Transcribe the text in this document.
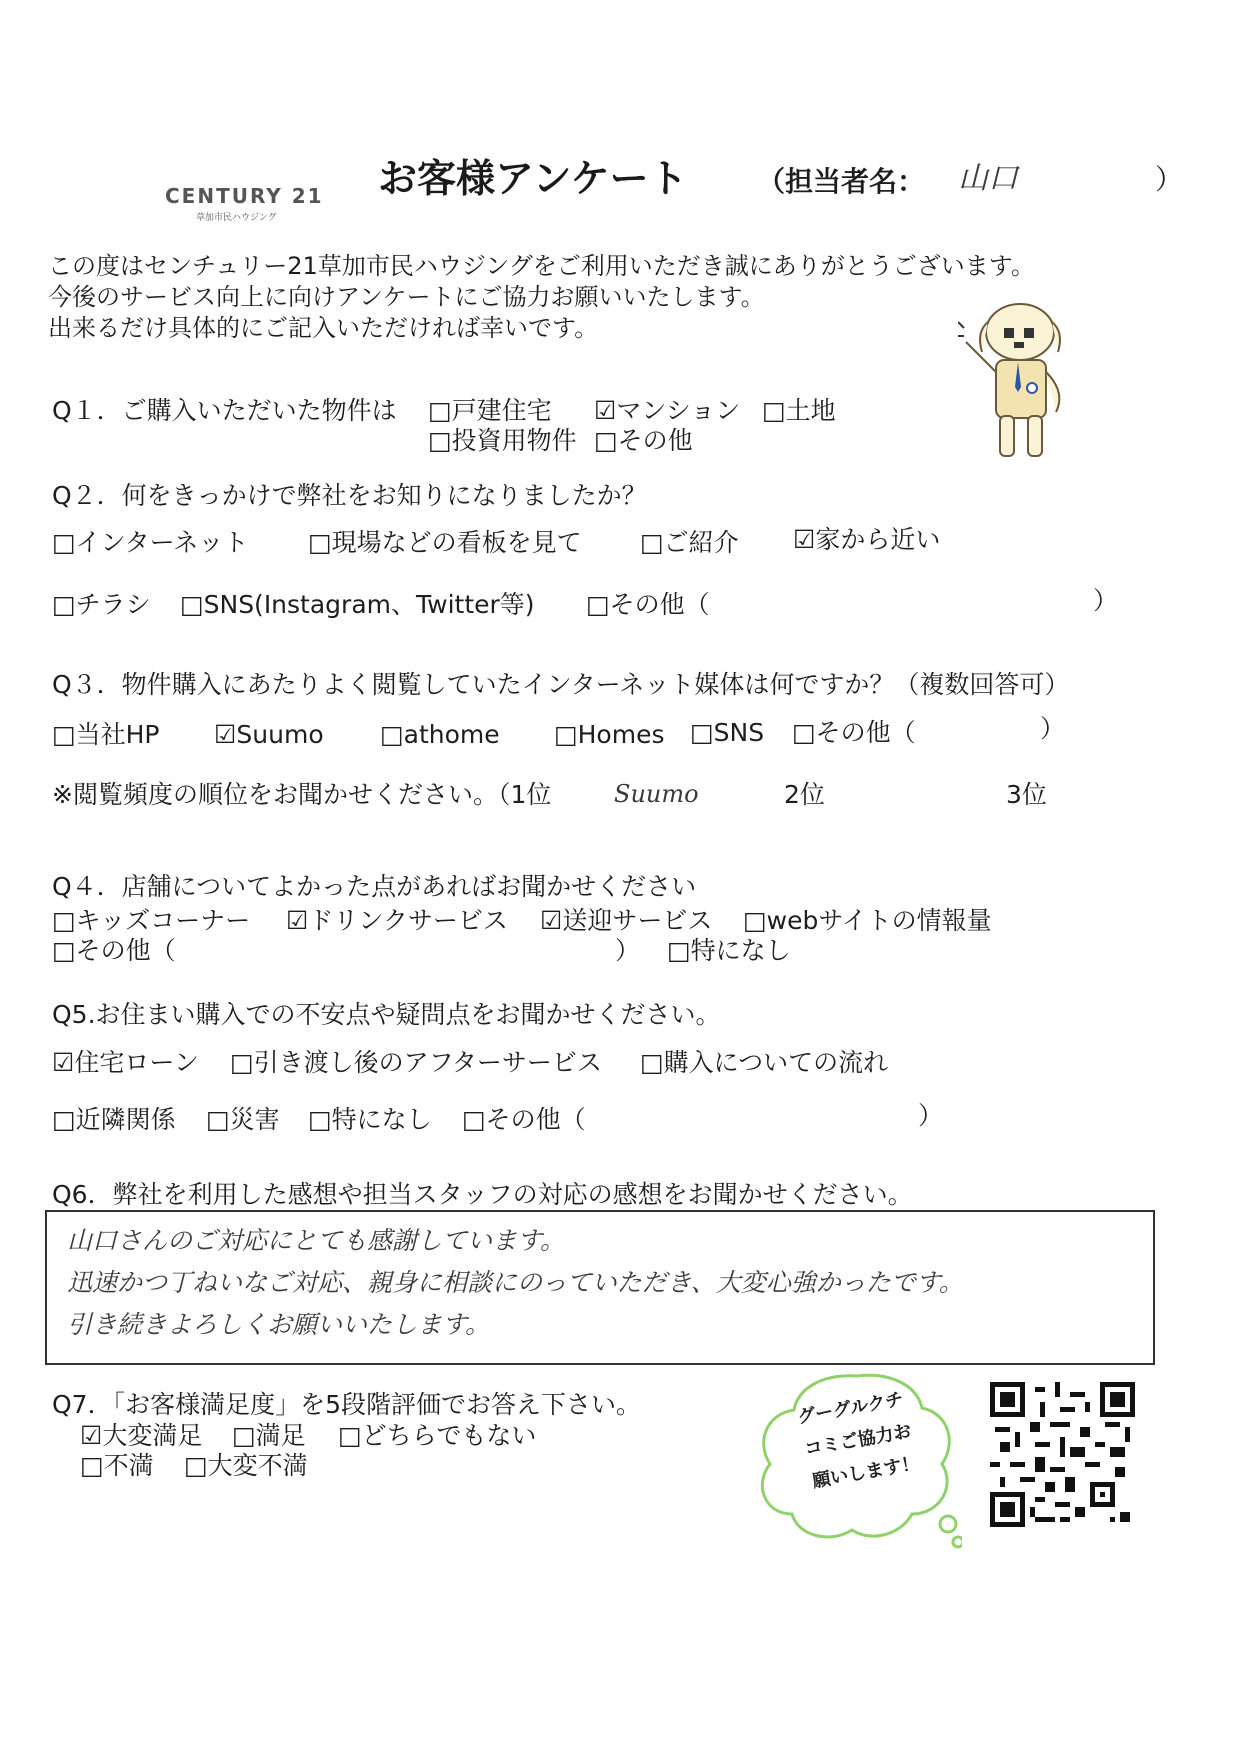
CENTURY 21
草加市民ハウジング
お客様アンケート （担当者名： 山口	）
この度はセンチュリー21草加市民ハウジングをご利用いただき誠にありがとうございます。
今後のサービス向上に向けアンケートにご協力お願いいたします。
出来るだけ具体的にご記入いただければ幸いです。
Q１．ご購入いただいた物件は □戸建住宅 ☑マンション □土地
□投資用物件 □その他
Q２．何をきっかけで弊社をお知りになりましたか？
□インターネット □現場などの看板を見て □ご紹介 ☑家から近い
□チラシ □SNS(Instagram、Twitter等) □その他（	）
Q３．物件購入にあたりよく閲覧していたインターネット媒体は何ですか？（複数回答可）
□当社HP ☑Suumo □athome □Homes □SNS □その他（	）
※閲覧頻度の順位をお聞かせください。（1位	Suumo	2位	3位
Q４．店舗についてよかった点があればお聞かせください
□キッズコーナー ☑ドリンクサービス ☑送迎サービス □webサイトの情報量
□その他（	） □特になし
Q5.お住まい購入での不安点や疑問点をお聞かせください。
☑住宅ローン □引き渡し後のアフターサービス □購入についての流れ
□近隣関係 □災害 □特になし □その他（	）
Q6．弊社を利用した感想や担当スタッフの対応の感想をお聞かせください。
山口さんのご対応にとても感謝しています。
迅速かつ丁ねいなご対応、親身に相談にのっていただき、大変心強かったです。
引き続きよろしくお願いいたします。
Q7．「お客様満足度」を5段階評価でお答え下さい。
☑大変満足 □満足 □どちらでもない
□不満 □大変不満
グーグルクチ
コミご協力お
願いします！
